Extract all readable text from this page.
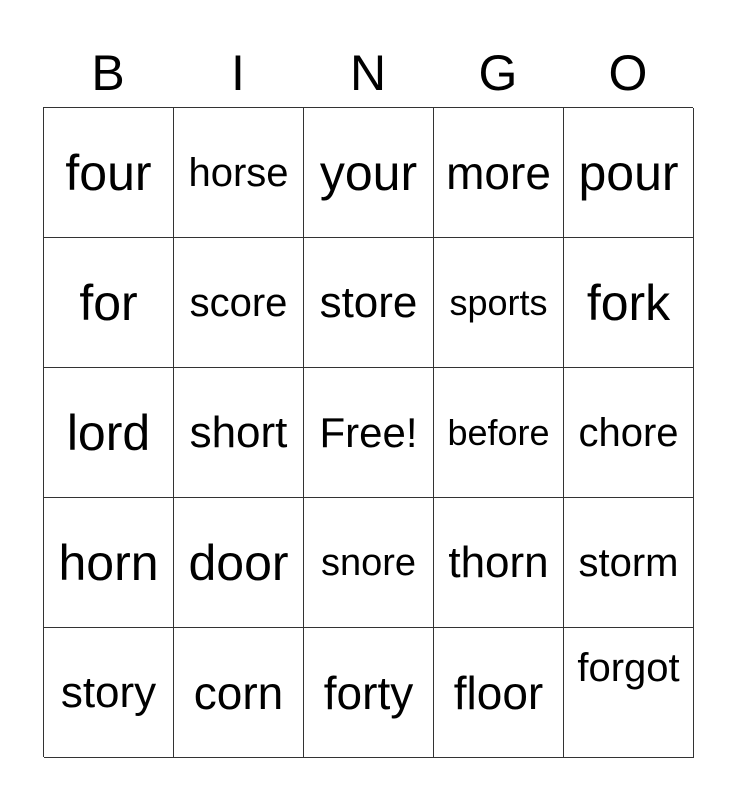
B	I	N	G	O
four horse your more pour
for	score store sports fork
lord short Free! before chore
horn door snore thorn storm
story corn forty floor forgot
